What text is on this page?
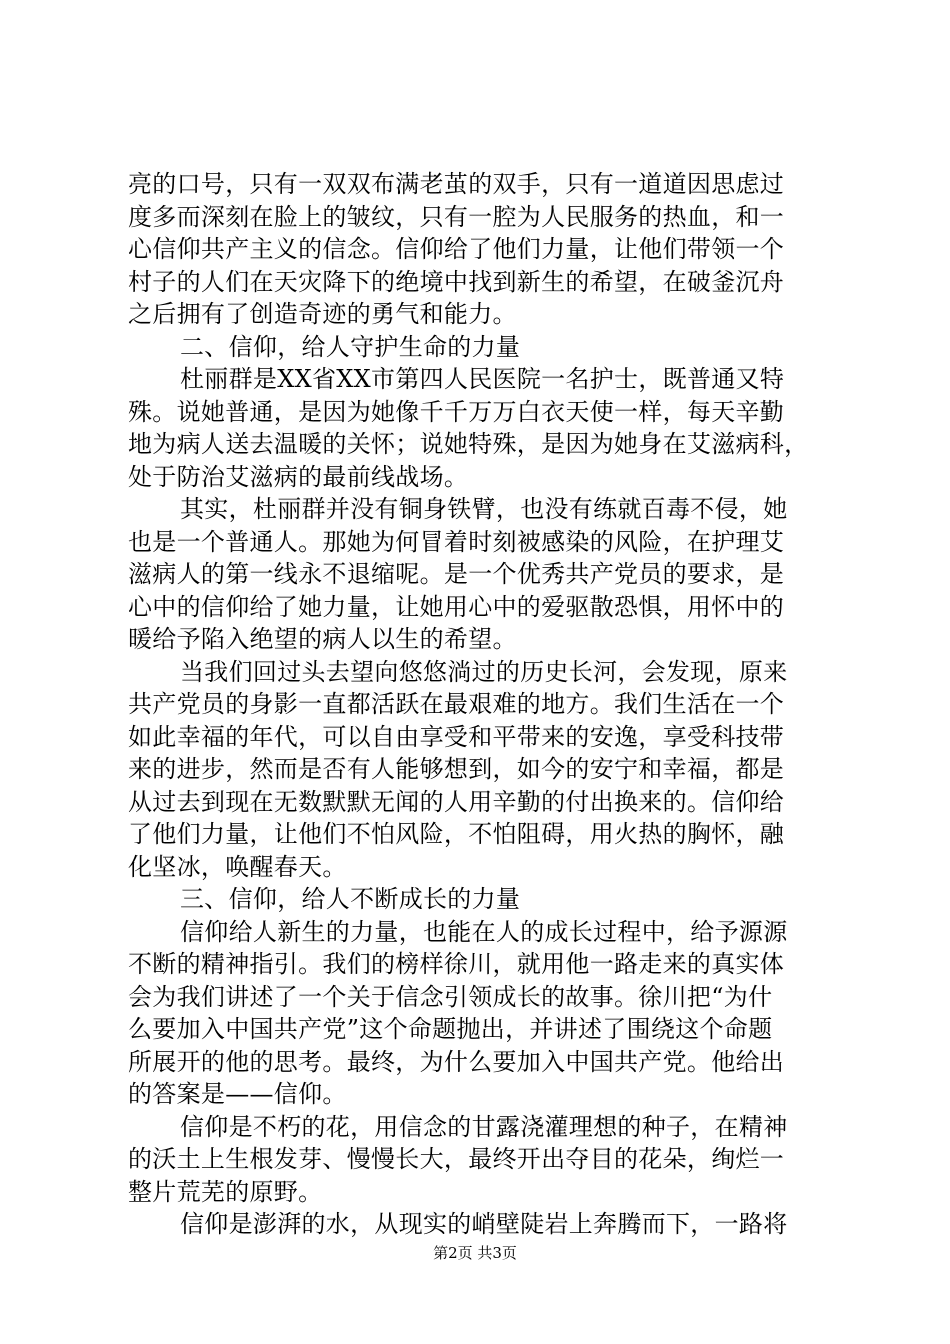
亮的口号，只有一双双布满老茧的双手，只有一道道因思虑过
度多而深刻在脸上的皱纹，只有一腔为人民服务的热血，和一
心信仰共产主义的信念。信仰给了他们力量，让他们带领一个
村子的人们在天灾降下的绝境中找到新生的希望，在破釜沉舟
之后拥有了创造奇迹的勇气和能力。
二、信仰，给人守护生命的力量
杜丽群是XX省XX市第四人民医院一名护士，既普通又特
殊。说她普通，是因为她像千千万万白衣天使一样，每天辛勤
地为病人送去温暖的关怀；说她特殊，是因为她身在艾滋病科，
处于防治艾滋病的最前线战场。
其实，杜丽群并没有铜身铁臂，也没有练就百毒不侵，她
也是一个普通人。那她为何冒着时刻被感染的风险，在护理艾
滋病人的第一线永不退缩呢。是一个优秀共产党员的要求，是
心中的信仰给了她力量，让她用心中的爱驱散恐惧，用怀中的
暖给予陷入绝望的病人以生的希望。
当我们回过头去望向悠悠淌过的历史长河，会发现，原来
共产党员的身影一直都活跃在最艰难的地方。我们生活在一个
如此幸福的年代，可以自由享受和平带来的安逸，享受科技带
来的进步，然而是否有人能够想到，如今的安宁和幸福，都是
从过去到现在无数默默无闻的人用辛勤的付出换来的。信仰给
了他们力量，让他们不怕风险，不怕阻碍，用火热的胸怀，融
化坚冰，唤醒春天。
三、信仰，给人不断成长的力量
信仰给人新生的力量，也能在人的成长过程中，给予源源
不断的精神指引。我们的榜样徐川，就用他一路走来的真实体
会为我们讲述了一个关于信念引领成长的故事。徐川把“为什
么要加入中国共产党”这个命题抛出，并讲述了围绕这个命题
所展开的他的思考。最终，为什么要加入中国共产党。他给出
的答案是——信仰。
信仰是不朽的花，用信念的甘露浇灌理想的种子，在精神
的沃土上生根发芽、慢慢长大，最终开出夺目的花朵，绚烂一
整片荒芜的原野。
信仰是澎湃的水，从现实的峭壁陡岩上奔腾而下，一路将
第2页 共3页
